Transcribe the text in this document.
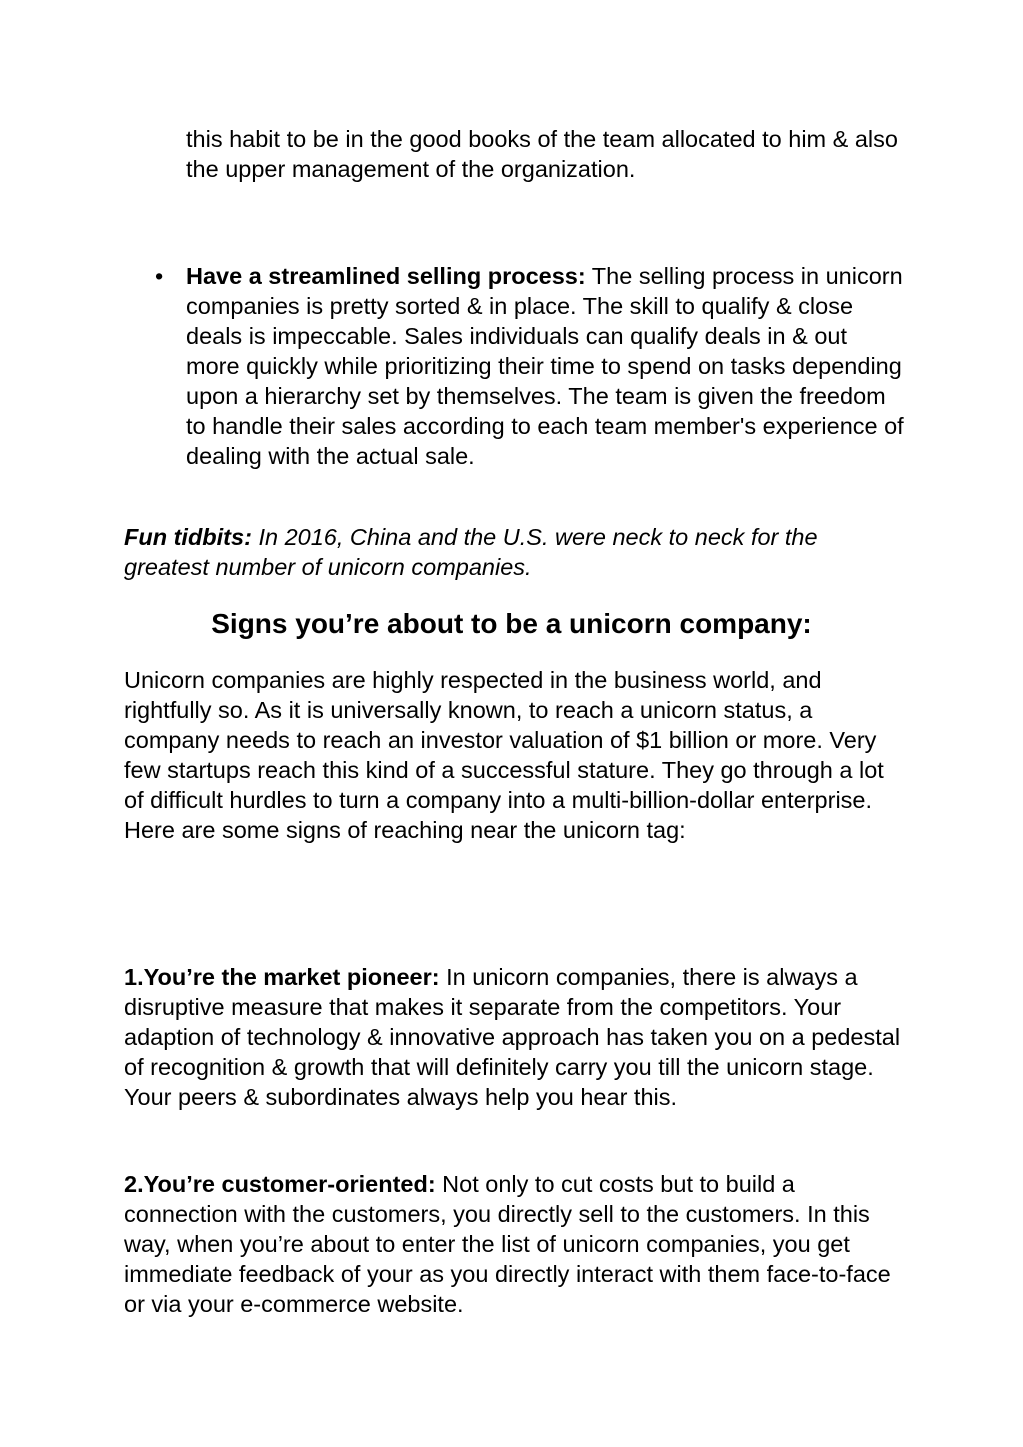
this habit to be in the good books of the team allocated to him & also the upper management of the organization.

• Have a streamlined selling process: The selling process in unicorn companies is pretty sorted & in place. The skill to qualify & close deals is impeccable. Sales individuals can qualify deals in & out more quickly while prioritizing their time to spend on tasks depending upon a hierarchy set by themselves. The team is given the freedom to handle their sales according to each team member's experience of dealing with the actual sale.

Fun tidbits: In 2016, China and the U.S. were neck to neck for the greatest number of unicorn companies.

Signs you’re about to be a unicorn company:

Unicorn companies are highly respected in the business world, and rightfully so. As it is universally known, to reach a unicorn status, a company needs to reach an investor valuation of $1 billion or more. Very few startups reach this kind of a successful stature. They go through a lot of difficult hurdles to turn a company into a multi-billion-dollar enterprise. Here are some signs of reaching near the unicorn tag:

1.You’re the market pioneer: In unicorn companies, there is always a disruptive measure that makes it separate from the competitors. Your adaption of technology & innovative approach has taken you on a pedestal of recognition & growth that will definitely carry you till the unicorn stage. Your peers & subordinates always help you hear this.

2.You’re customer-oriented: Not only to cut costs but to build a connection with the customers, you directly sell to the customers. In this way, when you’re about to enter the list of unicorn companies, you get immediate feedback of your as you directly interact with them face-to-face or via your e-commerce website.
